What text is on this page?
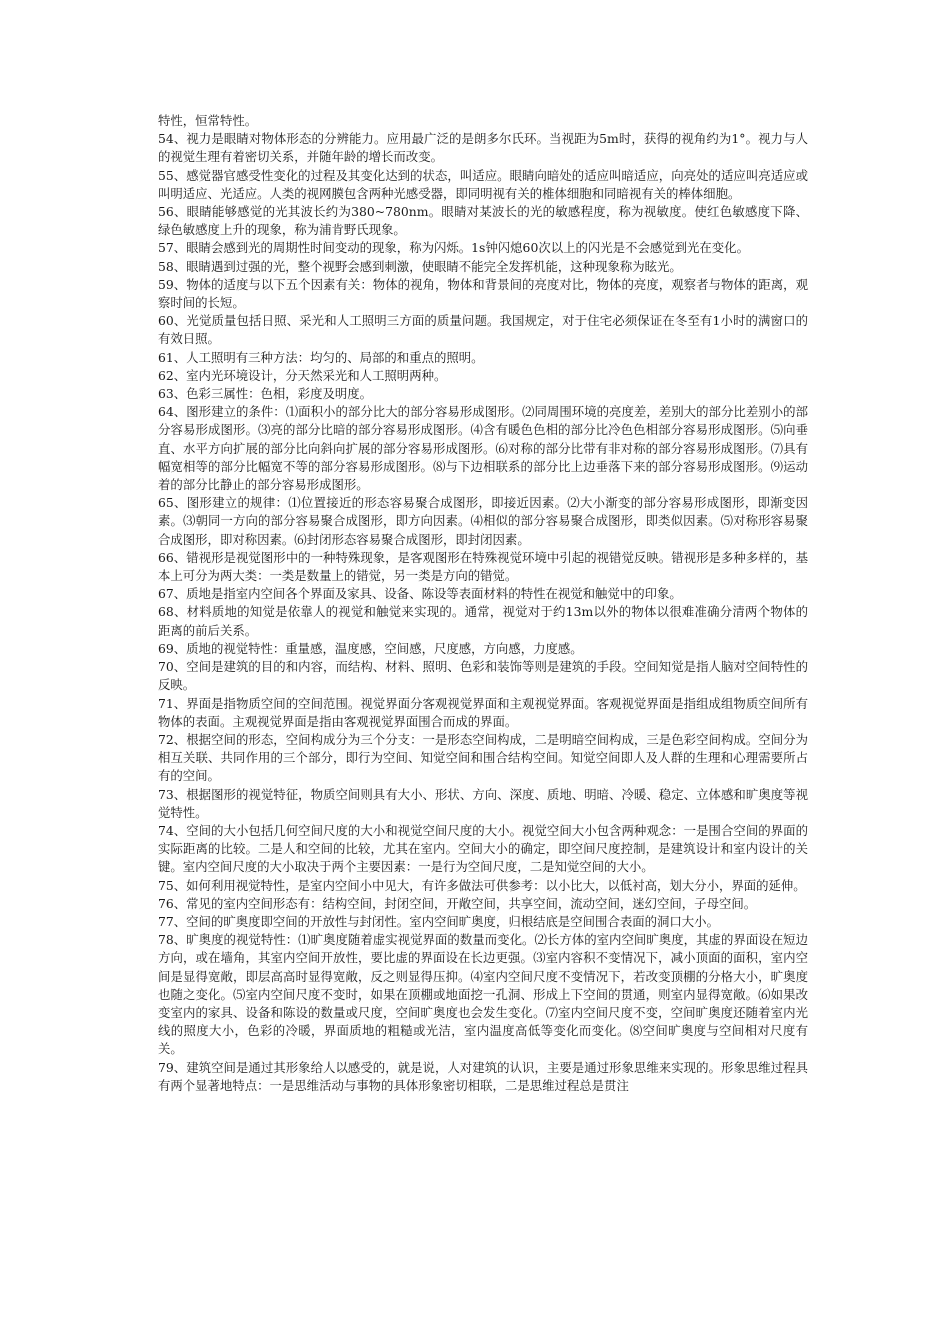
特性，恒常特性。

54、视力是眼睛对物体形态的分辨能力。应用最广泛的是朗多尔氏环。当视距为5m时，获得的视角约为1°。视力与人的视觉生理有着密切关系，并随年龄的增长而改变。

55、感觉器官感受性变化的过程及其变化达到的状态，叫适应。眼睛向暗处的适应叫暗适应，向亮处的适应叫亮适应或叫明适应、光适应。人类的视网膜包含两种光感受器，即同明视有关的椎体细胞和同暗视有关的棒体细胞。

56、眼睛能够感觉的光其波长约为380~780nm。眼睛对某波长的光的敏感程度，称为视敏度。使红色敏感度下降、绿色敏感度上升的现象，称为浦肯野氏现象。

57、眼睛会感到光的周期性时间变动的现象，称为闪烁。1s钟闪熄60次以上的闪光是不会感觉到光在变化。

58、眼睛遇到过强的光，整个视野会感到刺激，使眼睛不能完全发挥机能，这种现象称为眩光。

59、物体的适度与以下五个因素有关：物体的视角，物体和背景间的亮度对比，物体的亮度，观察者与物体的距离，观察时间的长短。

60、光觉质量包括日照、采光和人工照明三方面的质量问题。我国规定，对于住宅必须保证在冬至有1小时的满窗口的有效日照。

61、人工照明有三种方法：均匀的、局部的和重点的照明。

62、室内光环境设计，分天然采光和人工照明两种。

63、色彩三属性：色相，彩度及明度。

64、图形建立的条件：⑴面积小的部分比大的部分容易形成图形。⑵同周围环境的亮度差，差别大的部分比差别小的部分容易形成图形。⑶亮的部分比暗的部分容易形成图形。⑷含有暖色色相的部分比冷色色相部分容易形成图形。⑸向垂直、水平方向扩展的部分比向斜向扩展的部分容易形成图形。⑹对称的部分比带有非对称的部分容易形成图形。⑺具有幅宽相等的部分比幅宽不等的部分容易形成图形。⑻与下边相联系的部分比上边垂落下来的部分容易形成图形。⑼运动着的部分比静止的部分容易形成图形。

65、图形建立的规律：⑴位置接近的形态容易聚合成图形，即接近因素。⑵大小渐变的部分容易形成图形，即渐变因素。⑶朝同一方向的部分容易聚合成图形，即方向因素。⑷相似的部分容易聚合成图形，即类似因素。⑸对称形容易聚合成图形，即对称因素。⑹封闭形态容易聚合成图形，即封闭因素。

66、错视形是视觉图形中的一种特殊现象，是客观图形在特殊视觉环境中引起的视错觉反映。错视形是多种多样的，基本上可分为两大类：一类是数量上的错觉，另一类是方向的错觉。

67、质地是指室内空间各个界面及家具、设备、陈设等表面材料的特性在视觉和触觉中的印象。

68、材料质地的知觉是依靠人的视觉和触觉来实现的。通常，视觉对于约13m以外的物体以很难准确分清两个物体的距离的前后关系。

69、质地的视觉特性：重量感，温度感，空间感，尺度感，方向感，力度感。

70、空间是建筑的目的和内容，而结构、材料、照明、色彩和装饰等则是建筑的手段。空间知觉是指人脑对空间特性的反映。

71、界面是指物质空间的空间范围。视觉界面分客观视觉界面和主观视觉界面。客观视觉界面是指组成组物质空间所有物体的表面。主观视觉界面是指由客观视觉界面围合而成的界面。

72、根据空间的形态，空间构成分为三个分支：一是形态空间构成，二是明暗空间构成，三是色彩空间构成。空间分为相互关联、共同作用的三个部分，即行为空间、知觉空间和围合结构空间。知觉空间即人及人群的生理和心理需要所占有的空间。

73、根据图形的视觉特征，物质空间则具有大小、形状、方向、深度、质地、明暗、冷暖、稳定、立体感和旷奥度等视觉特性。

74、空间的大小包括几何空间尺度的大小和视觉空间尺度的大小。视觉空间大小包含两种观念：一是围合空间的界面的实际距离的比较。二是人和空间的比较，尤其在室内。空间大小的确定，即空间尺度控制，是建筑设计和室内设计的关键。室内空间尺度的大小取决于两个主要因素：一是行为空间尺度，二是知觉空间的大小。

75、如何利用视觉特性，是室内空间小中见大，有许多做法可供参考：以小比大，以低衬高，划大分小，界面的延伸。

76、常见的室内空间形态有：结构空间，封闭空间，开敞空间，共享空间，流动空间，迷幻空间，子母空间。

77、空间的旷奥度即空间的开放性与封闭性。室内空间旷奥度，归根结底是空间围合表面的洞口大小。

78、旷奥度的视觉特性：⑴旷奥度随着虚实视觉界面的数量而变化。⑵长方体的室内空间旷奥度，其虚的界面设在短边方向，或在墙角，其室内空间开放性，要比虚的界面设在长边更强。⑶室内容积不变情况下，减小顶面的面积，室内空间是显得宽敞，即层高高时显得宽敞，反之则显得压抑。⑷室内空间尺度不变情况下，若改变顶棚的分格大小，旷奥度也随之变化。⑸室内空间尺度不变时，如果在顶棚或地面挖一孔洞、形成上下空间的贯通，则室内显得宽敞。⑹如果改变室内的家具、设备和陈设的数量或尺度，空间旷奥度也会发生变化。⑺室内空间尺度不变，空间旷奥度还随着室内光线的照度大小，色彩的冷暖，界面质地的粗糙或光洁，室内温度高低等变化而变化。⑻空间旷奥度与空间相对尺度有关。

79、建筑空间是通过其形象给人以感受的，就是说，人对建筑的认识，主要是通过形象思维来实现的。形象思维过程具有两个显著地特点：一是思维活动与事物的具体形象密切相联，二是思维过程总是贯注
